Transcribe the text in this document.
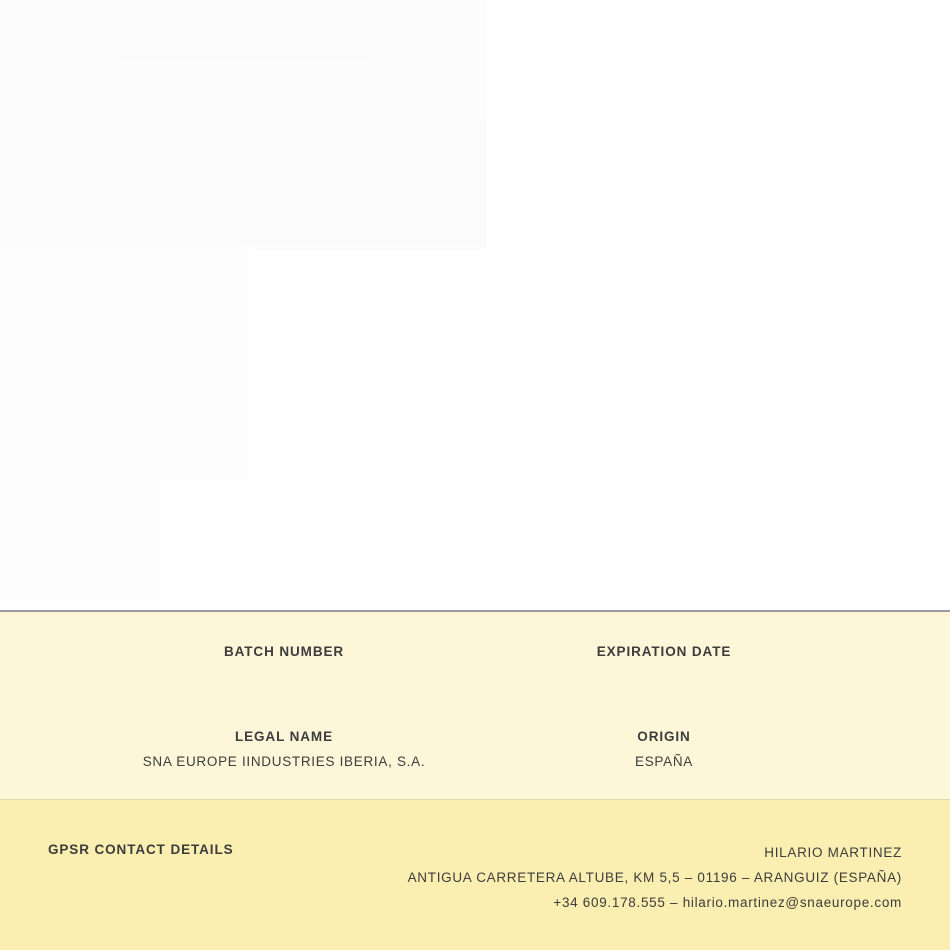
BATCH NUMBER	EXPIRATION DATE
LEGAL NAME
SNA EUROPE IINDUSTRIES IBERIA, S.A.
ORIGIN
ESPAÑA
GPSR CONTACT DETAILS	HILARIO MARTINEZ
ANTIGUA CARRETERA ALTUBE, KM 5,5 – 01196 – ARANGUIZ (ESPAÑA)
+34 609.178.555 – hilario.martinez@snaeurope.com
